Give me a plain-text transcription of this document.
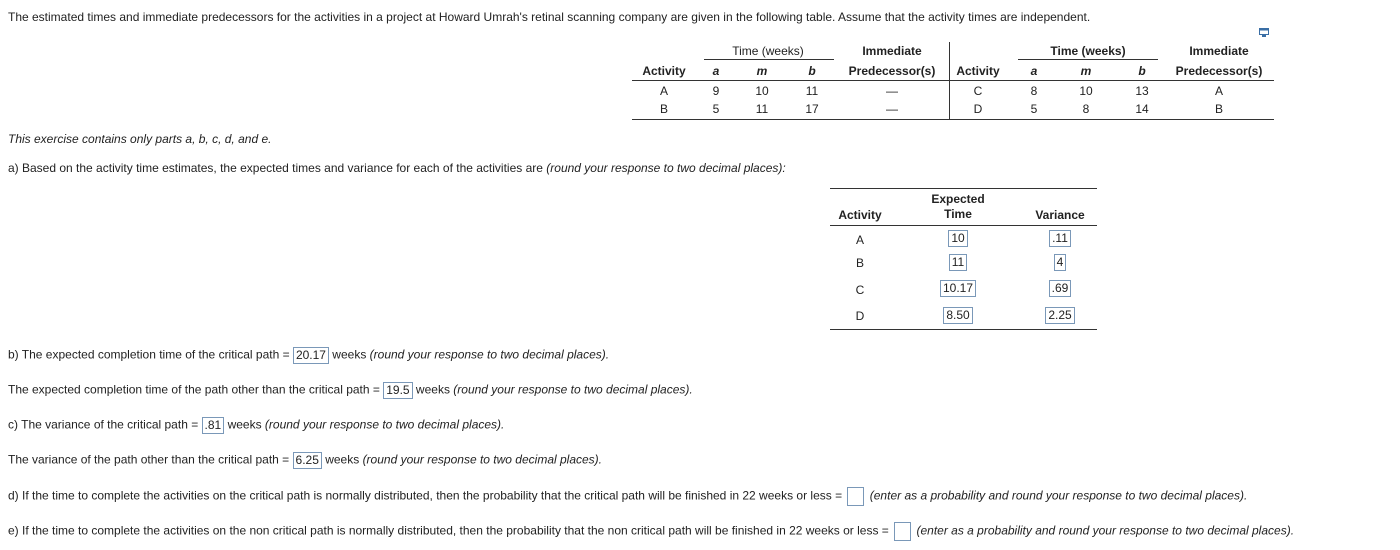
The estimated times and immediate predecessors for the activities in a project at Howard Umrah's retinal scanning company are given in the following table. Assume that the activity times are independent.
Time (weeks)	Immediate
Activity	a	m	b	Predecessor(s)
Time (weeks)	Immediate
Activity	a	m	b	Predecessor(s)
A	9	10	11	—
B	5	11	17	—
C	8	10	13	A
D	5	8	14	B
This exercise contains only parts a, b, c, d, and e.
a) Based on the activity time estimates, the expected times and variance for each of the activities are (round your response to two decimal places):
Activity
Expected
Time	Variance
A	10	.11
B	11	4
C	10.17	.69
D	8.50	2.25
b) The expected completion time of the critical path = 20.17 weeks (round your response to two decimal places).
The expected completion time of the path other than the critical path = 19.5 weeks (round your response to two decimal places).
c) The variance of the critical path = .81 weeks (round your response to two decimal places).
The variance of the path other than the critical path = 6.25 weeks (round your response to two decimal places).
d) If the time to complete the activities on the critical path is normally distributed, then the probability that the critical path will be finished in 22 weeks or less =  (enter as a probability and round your response to two decimal places).
e) If the time to complete the activities on the non critical path is normally distributed, then the probability that the non critical path will be finished in 22 weeks or less =  (enter as a probability and round your response to two decimal places).
